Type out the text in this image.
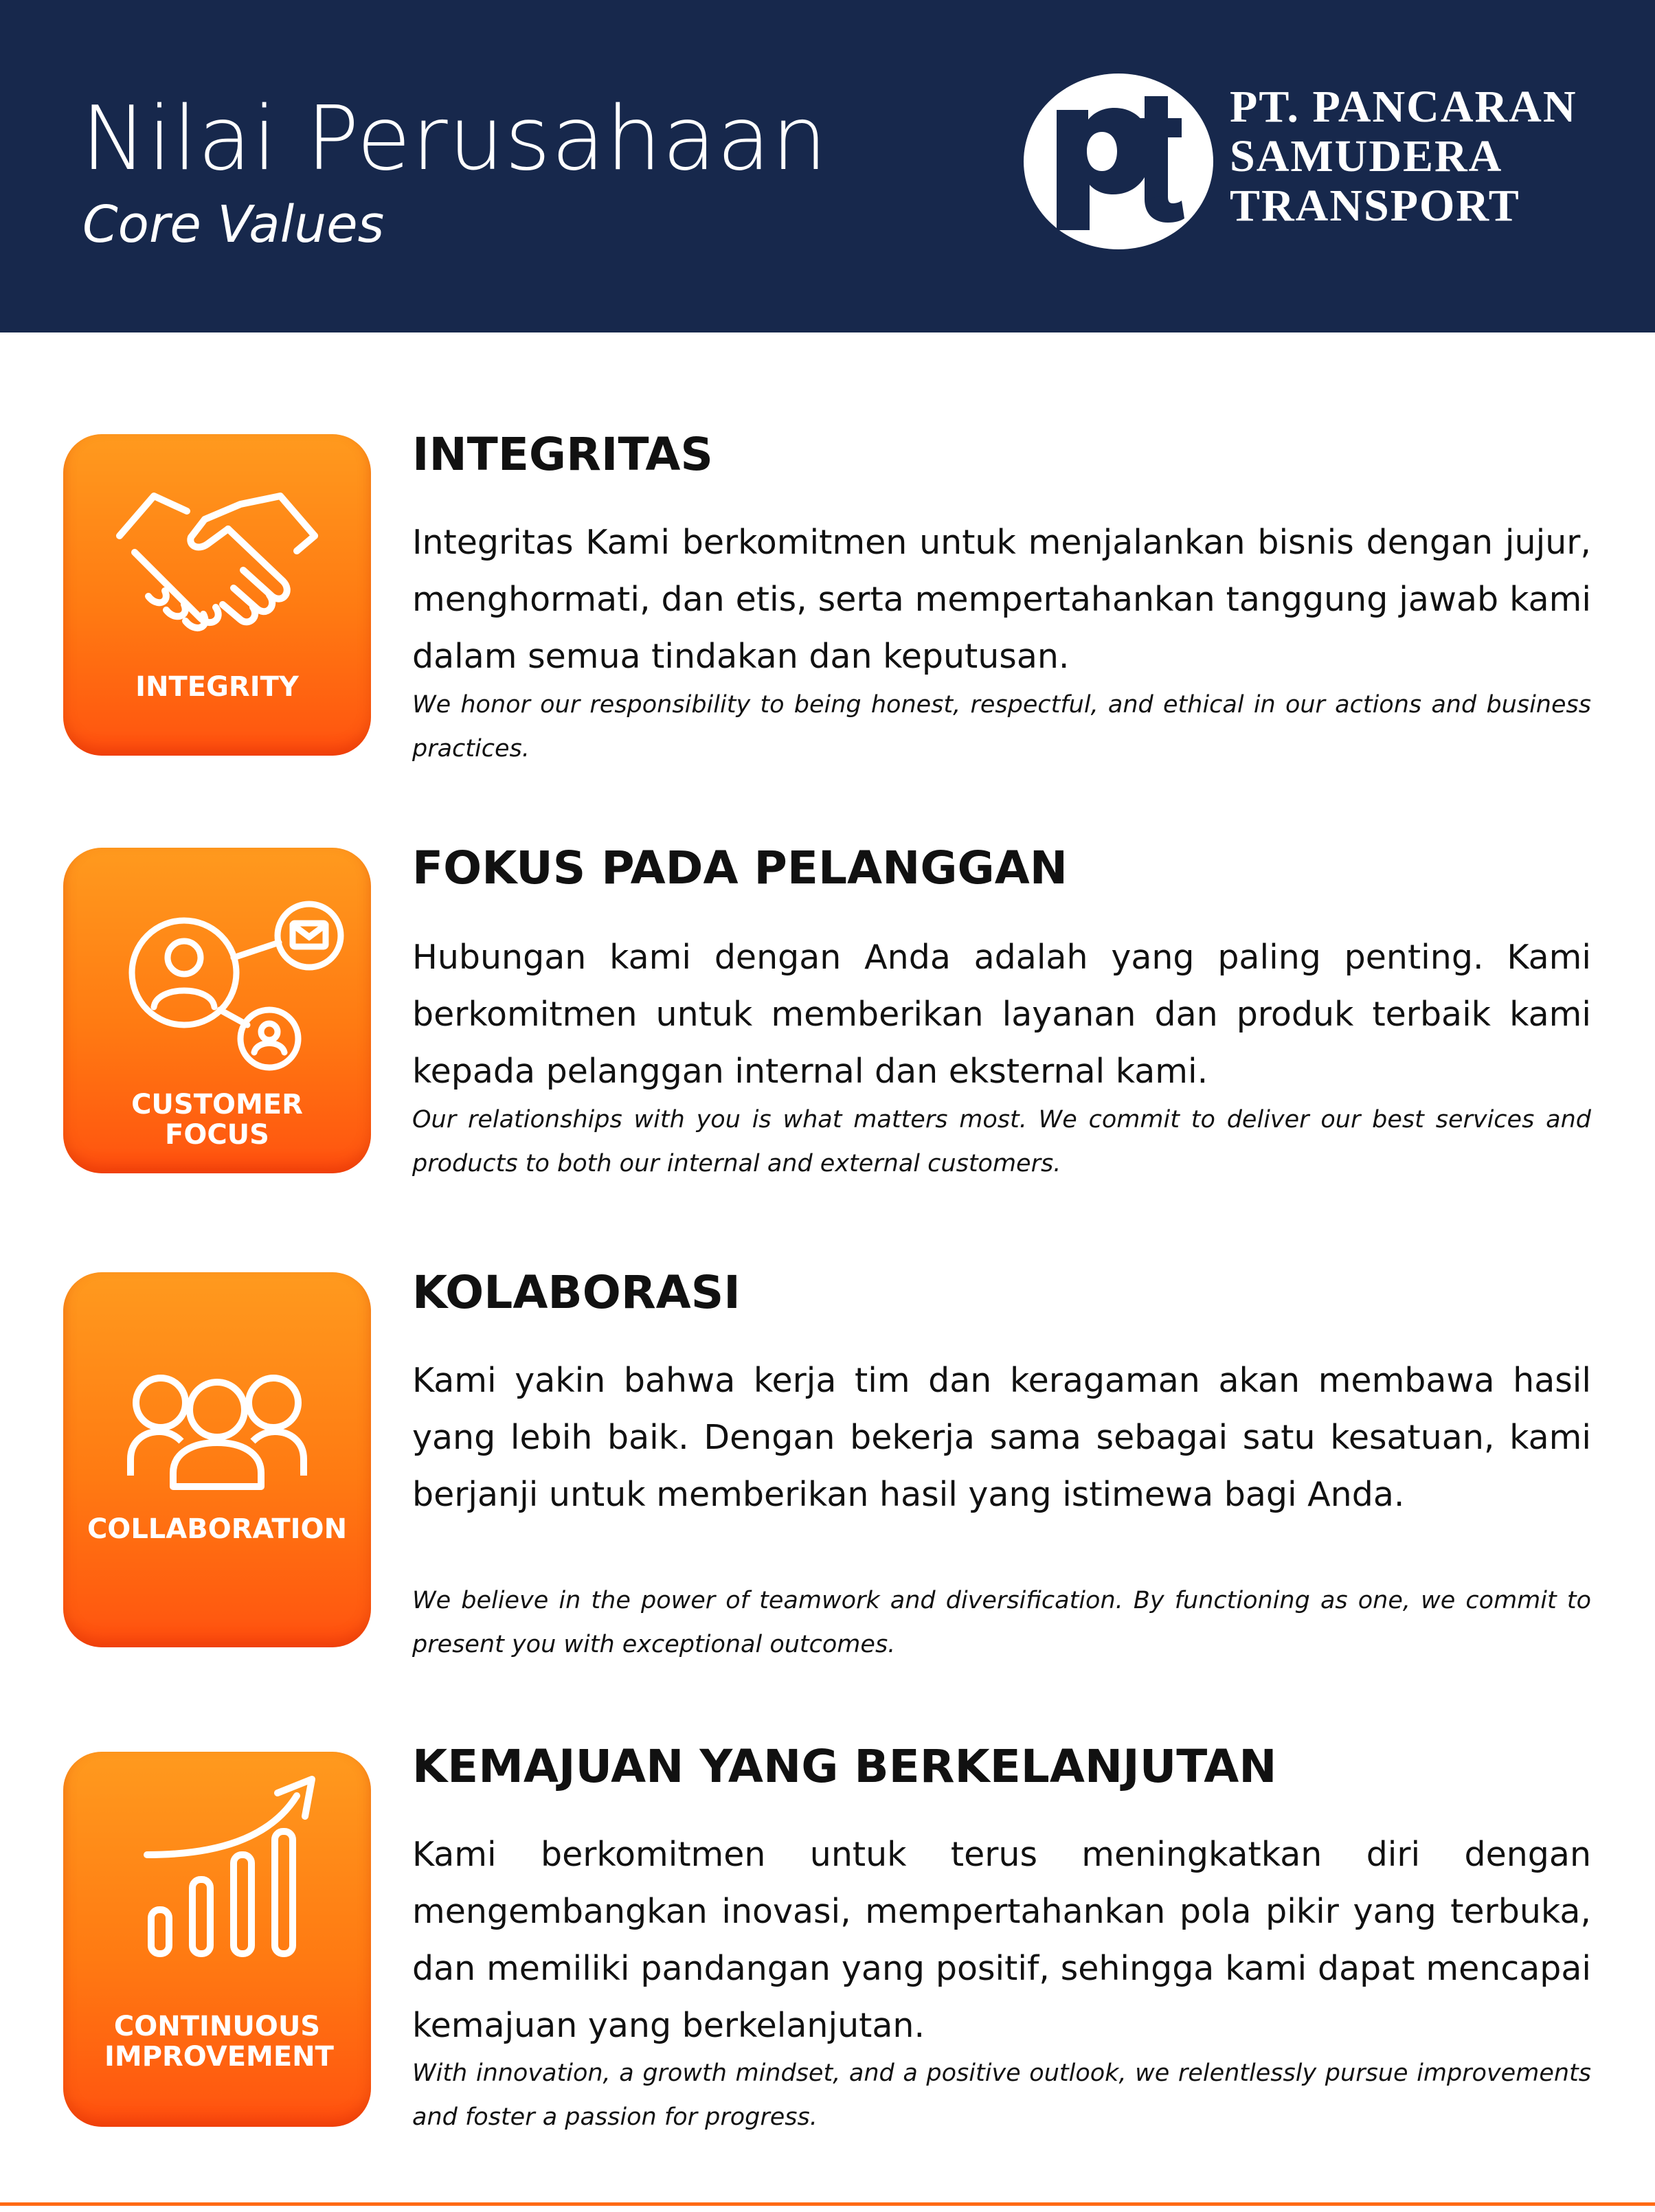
Nilai Perusahaan
Core Values
PT. PANCARAN
SAMUDERA
TRANSPORT
INTEGRITY
INTEGRITAS
Integritas Kami berkomitmen untuk menjalankan bisnis dengan jujur, menghormati, dan etis, serta mempertahankan tanggung jawab kami dalam semua tindakan dan keputusan.
We honor our responsibility to being honest, respectful, and ethical in our actions and business practices.
CUSTOMER FOCUS
FOKUS PADA PELANGGAN
Hubungan kami dengan Anda adalah yang paling penting. Kami berkomitmen untuk memberikan layanan dan produk terbaik kami kepada pelanggan internal dan eksternal kami.
Our relationships with you is what matters most. We commit to deliver our best services and products to both our internal and external customers.
COLLABORATION
KOLABORASI
Kami yakin bahwa kerja tim dan keragaman akan membawa hasil yang lebih baik. Dengan bekerja sama sebagai satu kesatuan, kami berjanji untuk memberikan hasil yang istimewa bagi Anda.
We believe in the power of teamwork and diversification. By functioning as one, we commit to present you with exceptional outcomes.
CONTINUOUS IMPROVEMENT
KEMAJUAN YANG BERKELANJUTAN
Kami berkomitmen untuk terus meningkatkan diri dengan mengembangkan inovasi, mempertahankan pola pikir yang terbuka, dan memiliki pandangan yang positif, sehingga kami dapat mencapai kemajuan yang berkelanjutan.
With innovation, a growth mindset, and a positive outlook, we relentlessly pursue improvements and foster a passion for progress.
